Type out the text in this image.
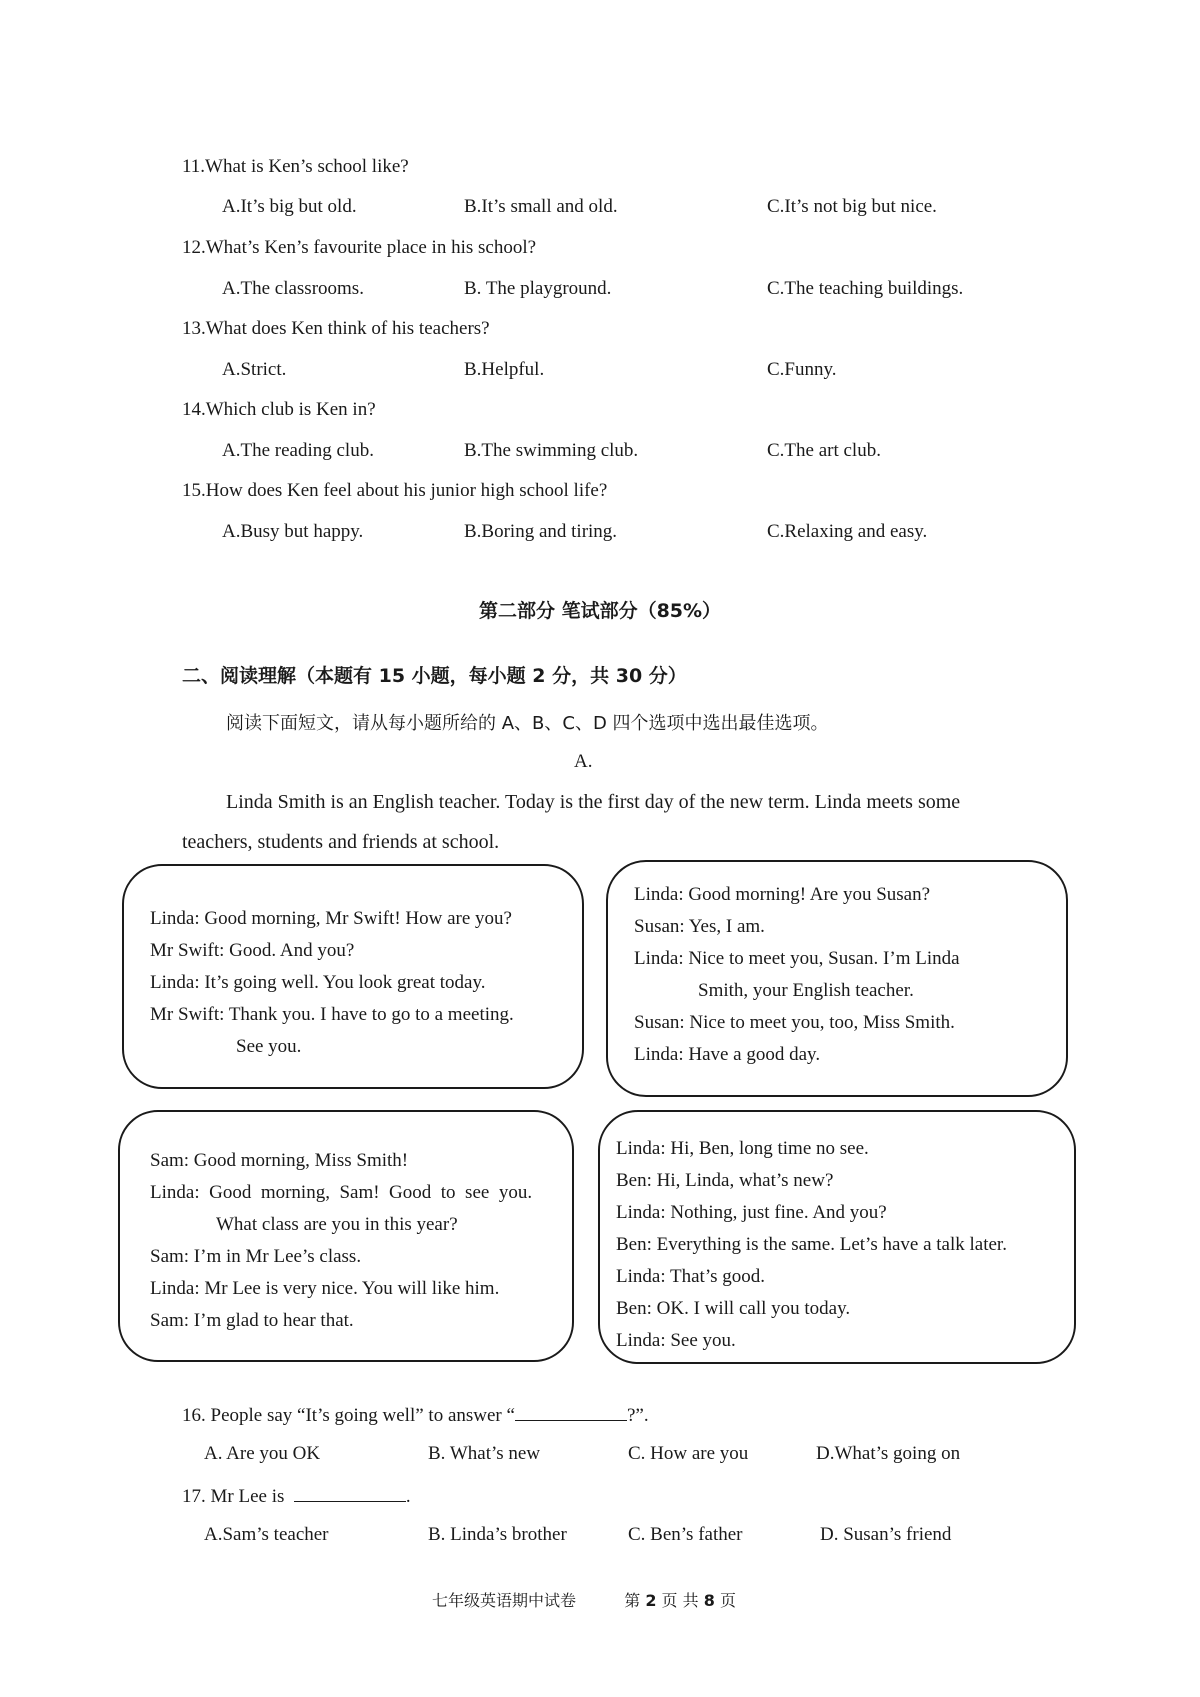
11.What is Ken’s school like?
A.It’s big but old.	B.It’s small and old.	C.It’s not big but nice.
12.What’s Ken’s favourite place in his school?
A.The classrooms.	B. The playground.	C.The teaching buildings.
13.What does Ken think of his teachers?
A.Strict.	B.Helpful.	C.Funny.
14.Which club is Ken in?
A.The reading club.	B.The swimming club.	C.The art club.
15.How does Ken feel about his junior high school life?
A.Busy but happy.	B.Boring and tiring.	C.Relaxing and easy.
第二部分 笔试部分（85%）
二、阅读理解（本题有 15 小题，每小题 2 分，共 30 分）
阅读下面短文，请从每小题所给的 A、B、C、D 四个选项中选出最佳选项。
A.
Linda Smith is an English teacher. Today is the first day of the new term. Linda meets some
teachers, students and friends at school.
Linda: Good morning, Mr Swift! How are you?
Mr Swift: Good. And you?
Linda: It’s going well. You look great today.
Mr Swift: Thank you. I have to go to a meeting.
See you.
Linda: Good morning! Are you Susan?
Susan: Yes, I am.
Linda: Nice to meet you, Susan. I’m Linda
Smith, your English teacher.
Susan: Nice to meet you, too, Miss Smith.
Linda: Have a good day.
Sam: Good morning, Miss Smith!
Linda:  Good  morning,  Sam!  Good  to  see  you.
What class are you in this year?
Sam: I’m in Mr Lee’s class.
Linda: Mr Lee is very nice. You will like him.
Sam: I’m glad to hear that.
Linda: Hi, Ben, long time no see.
Ben: Hi, Linda, what’s new?
Linda: Nothing, just fine. And you?
Ben: Everything is the same. Let’s have a talk later.
Linda: That’s good.
Ben: OK. I will call you today.
Linda: See you.
16. People say “It’s going well” to answer “	?”.
A. Are you OK	B. What’s new	C. How are you	D.What’s going on
17. Mr Lee is	.
A.Sam’s teacher	B. Linda’s brother	C. Ben’s father	D. Susan’s friend
七年级英语期中试卷	第 2 页 共 8 页
